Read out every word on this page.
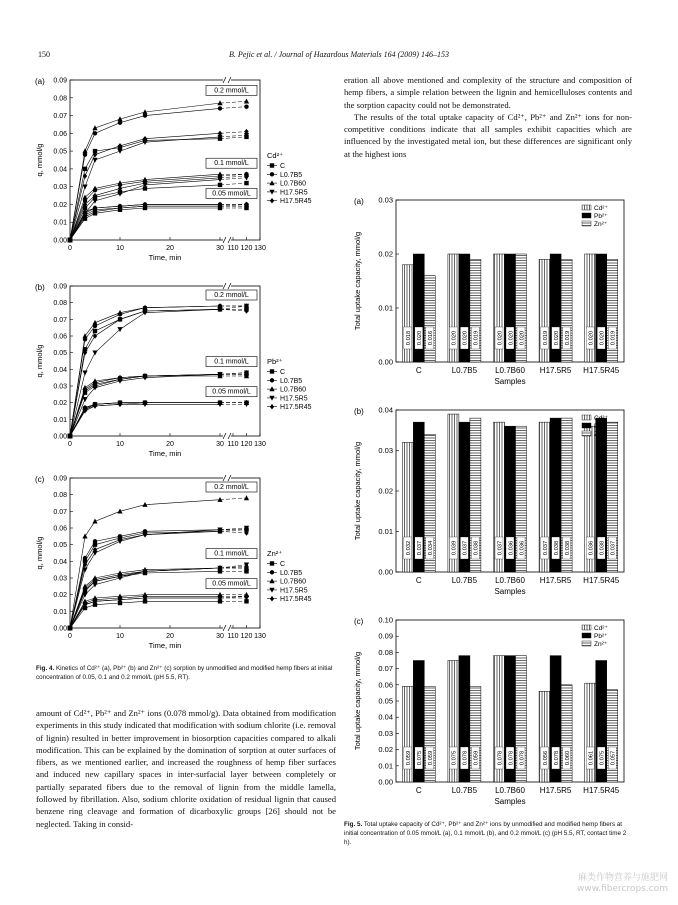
150	B. Pejic et al. / Journal of Hazardous Materials 164 (2009) 146–153
(a)
0.00
0.01
0.02
0.03
0.04
0.05
0.06
0.07
0.08
0.09
0	10	20	30 110 120 130
Time, min
q, mmol/g
0.2 mmol/L
0.1 mmol/L
0.05 mmol/L
Cd²⁺
C
L0.7B5
L0.7B60
H17.5R5
H17.5R45
(b)
0.00
0.01
0.02
0.03
0.04
0.05
0.06
0.07
0.08
0.09
0	10	20	30 110 120 130
Time, min
q, mmol/g
0.2 mmol/L
0.1 mmol/L
0.05 mmol/L
Pb²⁺
C
L0.7B5
L0.7B60
H17.5R5
H17.5R45
(c)
0.00
0.01
0.02
0.03
0.04
0.05
0.06
0.07
0.08
0.09
0	10	20	30 110 120 130
Time, min
q, mmol/g
0.2 mmol/L
0.1 mmol/L
0.05 mmol/L
Zn²⁺
C
L0.7B5
L0.7B60
H17.5R5
H17.5R45
Fig. 4. Kinetics of Cd²⁺ (a), Pb²⁺ (b) and Zn²⁺ (c) sorption by unmodified and modified hemp fibers at initial concentration of 0.05, 0.1 and 0.2 mmol/L (pH 5.5, RT).

amount of Cd²⁺, Pb²⁺ and Zn²⁺ ions (0.078 mmol/g). Data obtained from modification experiments in this study indicated that modification with sodium chlorite (i.e. removal of lignin) resulted in better improvement in biosorption capacities compared to alkali modification. This can be explained by the domination of sorption at outer surfaces of fibers, as we mentioned earlier, and increased the roughness of hemp fiber surfaces and induced new capillary spaces in inter-surfacial layer between completely or partially separated fibers due to the removal of lignin from the middle lamella, followed by fibrillation. Also, sodium chlorite oxidation of residual lignin that caused benzene ring cleavage and formation of dicarboxylic groups [26] should not be neglected. Taking in consid-

eration all above mentioned and complexity of the structure and composition of hemp fibers, a simple relation between the lignin and hemicelluloses contents and the sorption capacity could not be demonstrated.

The results of the total uptake capacity of Cd²⁺, Pb²⁺ and Zn²⁺ ions for non-competitive conditions indicate that all samples exhibit capacities which are influenced by the investigated metal ion, but these differences are significant only at the highest ions

(a)
0.00
0.01
0.02
0.03
Total uptake capacity, mmol/g
C
0.018 0.020 0.016
L0.7B5
0.020 0.020 0.019
L0.7B60
0.020 0.020 0.020
H17.5R5
0.019 0.020 0.019
H17.5R45
0.020 0.020 0.019
Samples
Cd²⁺
Pb²⁺
Zn²⁺
(b)
0.00
0.01
0.02
0.03
0.04
Total uptake capacity, mmol/g
C
0.032 0.037 0.034
L0.7B5
0.039 0.037 0.038
L0.7B60
0.037 0.036 0.036
H17.5R5
0.037 0.038 0.038
H17.5R45
0.036 0.038 0.037
Samples
Cd²⁺
Pb²⁺
Zn²⁺
(c)
0.00
0.01
0.02
0.03
0.04
0.05
0.06
0.07
0.08
0.09
0.10
Total uptake capacity, mmol/g
C
0.059 0.075 0.059
L0.7B5
0.075 0.078 0.059
L0.7B60
0.078 0.078 0.078
H17.5R5
0.056 0.078 0.060
H17.5R45
0.061 0.075 0.057
Samples
Cd²⁺
Pb²⁺
Zn²⁺
Fig. 5. Total uptake capacity of Cd²⁺, Pb²⁺ and Zn²⁺ ions by unmodified and modified hemp fibers at initial concentration of 0.05 mmol/L (a), 0.1 mmol/L (b), and 0.2 mmol/L (c) (pH 5.5, RT, contact time 2 h).
麻类作物营养与施肥网
www.fibercrops.com
